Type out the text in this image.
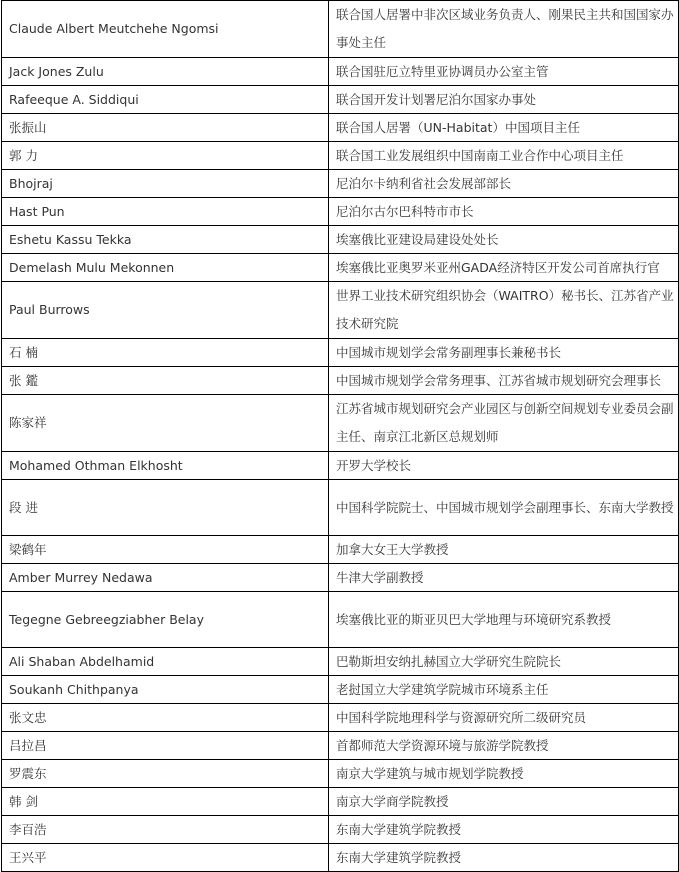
Claude Albert Meutchehe Ngomsi	联合国人居署中非次区域业务负责人、刚果民主共和国国家办事处主任
Jack Jones Zulu	联合国驻厄立特里亚协调员办公室主管
Rafeeque A. Siddiqui	联合国开发计划署尼泊尔国家办事处
张振山	联合国人居署（UN-Habitat）中国项目主任
郭 力	联合国工业发展组织中国南南工业合作中心项目主任
Bhojraj	尼泊尔卡纳利省社会发展部部长
Hast Pun	尼泊尔古尔巴科特市市长
Eshetu Kassu Tekka	埃塞俄比亚建设局建设处处长
Demelash Mulu Mekonnen	埃塞俄比亚奥罗米亚州GADA经济特区开发公司首席执行官
Paul Burrows	世界工业技术研究组织协会（WAITRO）秘书长、江苏省产业技术研究院
石 楠	中国城市规划学会常务副理事长兼秘书长
张 鑑	中国城市规划学会常务理事、江苏省城市规划研究会理事长
陈家祥	江苏省城市规划研究会产业园区与创新空间规划专业委员会副主任、南京江北新区总规划师
Mohamed Othman Elkhosht	开罗大学校长
段 进	中国科学院院士、中国城市规划学会副理事长、东南大学教授
梁鹤年	加拿大女王大学教授
Amber Murrey Nedawa	牛津大学副教授
Tegegne Gebreegziabher Belay	埃塞俄比亚的斯亚贝巴大学地理与环境研究系教授
Ali Shaban Abdelhamid	巴勒斯坦安纳扎赫国立大学研究生院院长
Soukanh Chithpanya	老挝国立大学建筑学院城市环境系主任
张文忠	中国科学院地理科学与资源研究所二级研究员
吕拉昌	首都师范大学资源环境与旅游学院教授
罗震东	南京大学建筑与城市规划学院教授
韩 剑	南京大学商学院教授
李百浩	东南大学建筑学院教授
王兴平	东南大学建筑学院教授
